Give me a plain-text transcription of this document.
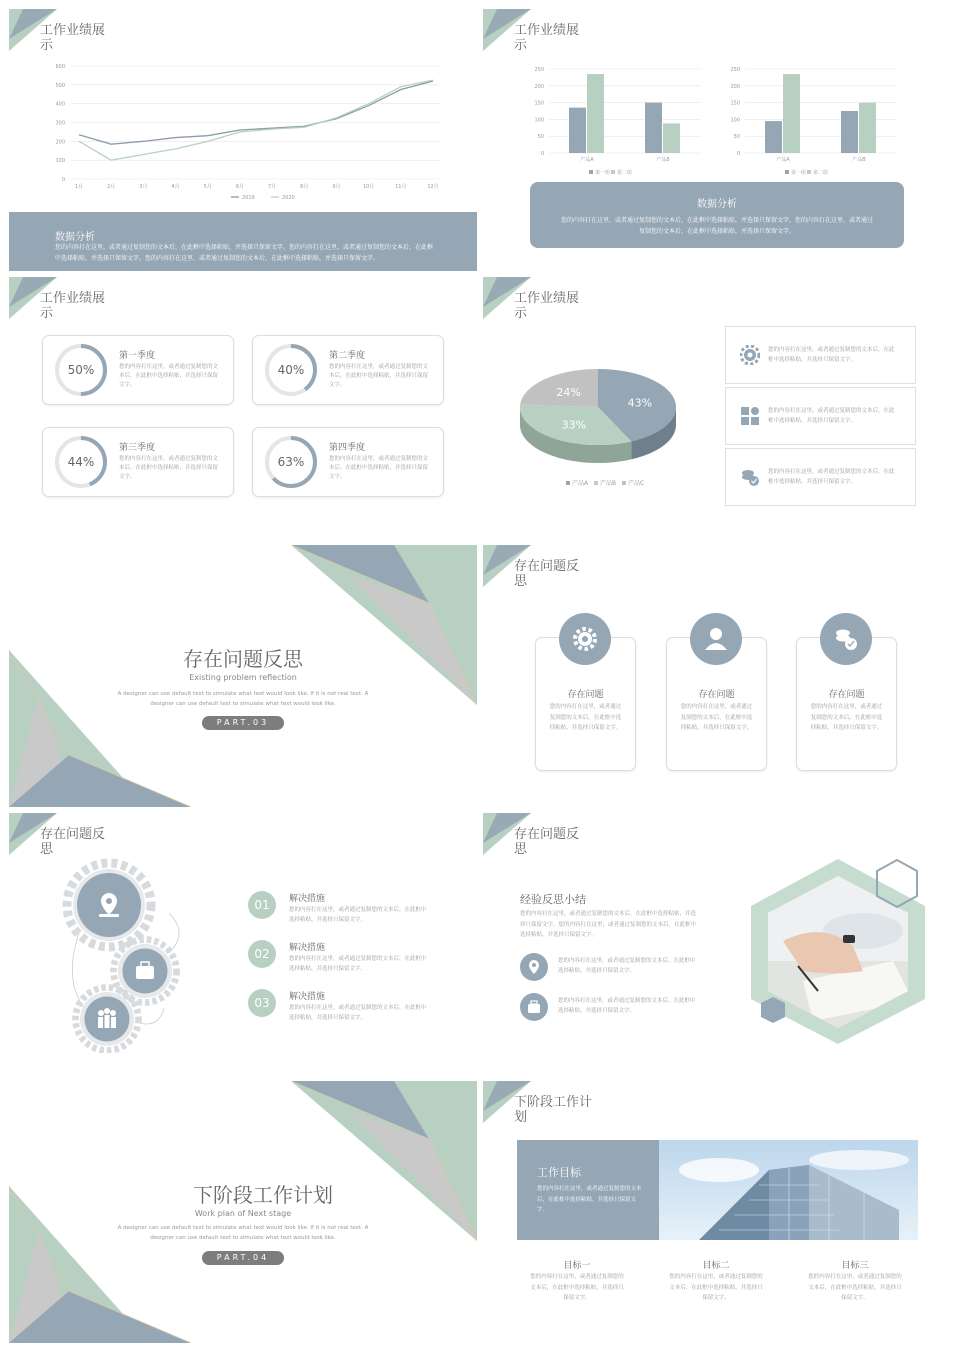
工作业绩展
示
0
100
200
300
400
500
600
1月	2月	3月	4月	5月	6月	7月	8月	9月	10月	11月	12月
2019	2020
数据分析
您的内容打在这里，或者通过复制您的文本后，在此框中选择粘贴，并选择只保留文字。您的内容打在这里，或者通过复制您的文本后，在此框中选择粘贴，并选择只保留文字。您的内容打在这里，或者通过复制您的文本后，在此框中选择粘贴，并选择只保留文字。
工作业绩展
示
0
50
100
150
200
250
产品A	产品B
第一组 第二组
0
50
100
150
200
250
产品A	产品B
第一组 第二组
数据分析
您的内容打在这里，或者通过复制您的文本后，在此框中选择粘贴，并选择只保留文字。您的内容打在这里，或者通过复制您的文本后，在此框中选择粘贴，并选择只保留文字。
工作业绩展
示
50%
第一季度
您的内容打在这里，或者通过复制您的文本后，在此框中选择粘贴，并选择只保留文字。
40%
第二季度
您的内容打在这里，或者通过复制您的文本后，在此框中选择粘贴，并选择只保留文字。
44%
第三季度
您的内容打在这里，或者通过复制您的文本后，在此框中选择粘贴，并选择只保留文字。
63%
第四季度
您的内容打在这里，或者通过复制您的文本后，在此框中选择粘贴，并选择只保留文字。
工作业绩展
示
43%
33%
24%
产品A 产品B 产品C
您的内容打在这里，或者通过复制您的文本后，在此框中选择粘贴，并选择只保留文字。
您的内容打在这里，或者通过复制您的文本后，在此框中选择粘贴，并选择只保留文字。
您的内容打在这里，或者通过复制您的文本后，在此框中选择粘贴，并选择只保留文字。
存在问题反思
Existing problem reflection
A designer can use default text to simulate what text would look like. If it is not real text. A designer can use default text to simulate what text would look like.
PART.03
存在问题反
思
存在问题
您的内容打在这里，或者通过复制您的文本后，在此框中选择粘贴，并选择只保留文字。
存在问题
您的内容打在这里，或者通过复制您的文本后，在此框中选择粘贴，并选择只保留文字。
存在问题
您的内容打在这里，或者通过复制您的文本后，在此框中选择粘贴，并选择只保留文字。
存在问题反
思
01	解决措施
您的内容打在这里，或者通过复制您的文本后，在此框中选择粘贴，并选择只保留文字。
02	解决措施
您的内容打在这里，或者通过复制您的文本后，在此框中选择粘贴，并选择只保留文字。
03	解决措施
您的内容打在这里，或者通过复制您的文本后，在此框中选择粘贴，并选择只保留文字。
存在问题反
思
经验反思小结
您的内容打在这里，或者通过复制您的文本后，在此框中选择粘贴，并选择只保留文字。您的内容打在这里，或者通过复制您的文本后，在此框中选择粘贴，并选择只保留文字。
您的内容打在这里，或者通过复制您的文本后，在此框中选择粘贴，并选择只保留文字。
您的内容打在这里，或者通过复制您的文本后，在此框中选择粘贴，并选择只保留文字。
下阶段工作计划
Work plan of Next stage
A designer can use default text to simulate what text would look like. If it is not real text. A designer can use default text to simulate what text would look like.
PART.04
下阶段工作计
划
工作目标
您的内容打在这里，或者通过复制您的文本后，在此框中选择粘贴，并选择只保留文字。
目标一
您的内容打在这里，或者通过复制您的文本后，在此框中选择粘贴，并选择只保留文字。
目标二
您的内容打在这里，或者通过复制您的文本后，在此框中选择粘贴，并选择只保留文字。
目标三
您的内容打在这里，或者通过复制您的文本后，在此框中选择粘贴，并选择只保留文字。
